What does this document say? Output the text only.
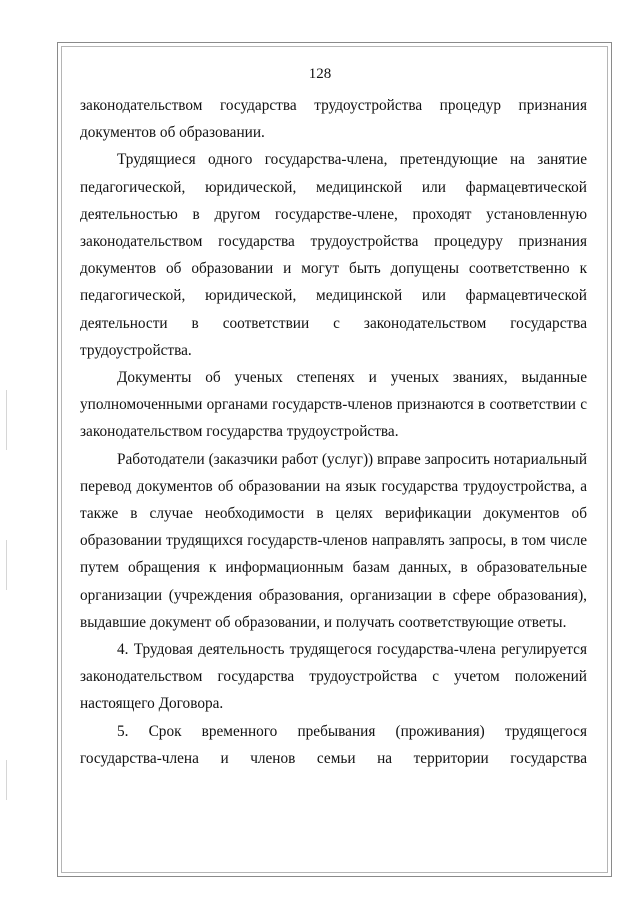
128

законодательством государства трудоустройства процедур признания документов об образовании.

Трудящиеся одного государства-члена, претендующие на занятие педагогической, юридической, медицинской или фармацевтической деятельностью в другом государстве-члене, проходят установленную законодательством государства трудоустройства процедуру признания документов об образовании и могут быть допущены соответственно к педагогической, юридической, медицинской или фармацевтической деятельности в соответствии с законодательством государства трудоустройства.

Документы об ученых степенях и ученых званиях, выданные уполномоченными органами государств-членов признаются в соответствии с законодательством государства трудоустройства.

Работодатели (заказчики работ (услуг)) вправе запросить нотариальный перевод документов об образовании на язык государства трудоустройства, а также в случае необходимости в целях верификации документов об образовании трудящихся государств-членов направлять запросы, в том числе путем обращения к информационным базам данных, в образовательные организации (учреждения образования, организации в сфере образования), выдавшие документ об образовании, и получать соответствующие ответы.

4. Трудовая деятельность трудящегося государства-члена регулируется законодательством государства трудоустройства с учетом положений настоящего Договора.

5. Срок временного пребывания (проживания) трудящегося государства-члена и членов семьи на территории государства
